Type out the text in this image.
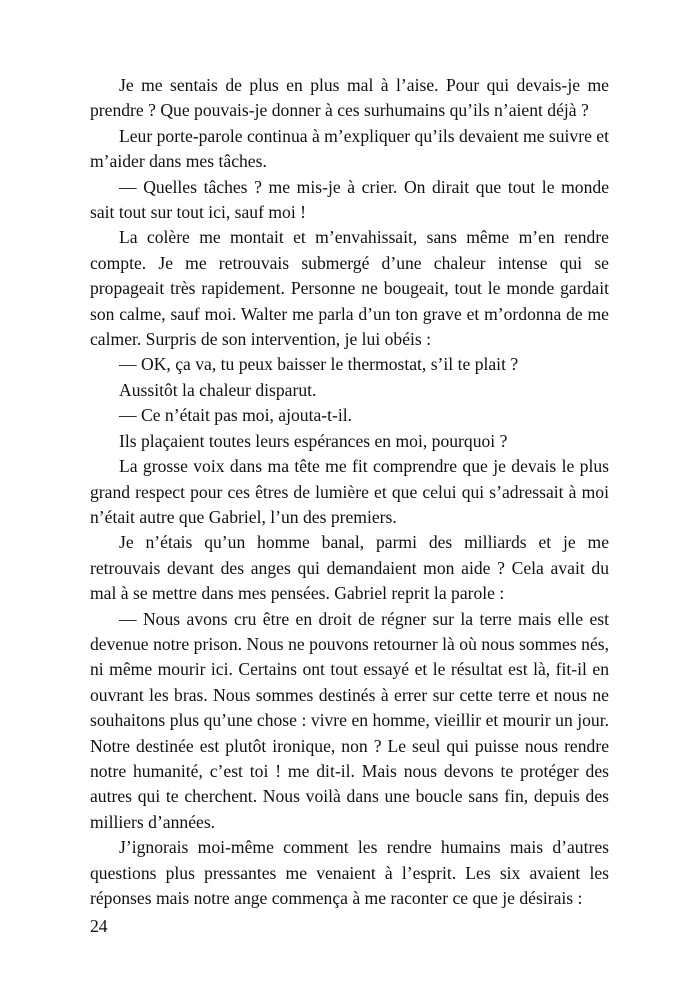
Je me sentais de plus en plus mal à l’aise. Pour qui devais-je me prendre ? Que pouvais-je donner à ces surhumains qu’ils n’aient déjà ?

Leur porte-parole continua à m’expliquer qu’ils devaient me suivre et m’aider dans mes tâches.

— Quelles tâches ? me mis-je à crier. On dirait que tout le monde sait tout sur tout ici, sauf moi !

La colère me montait et m’envahissait, sans même m’en rendre compte. Je me retrouvais submergé d’une chaleur intense qui se propageait très rapidement. Personne ne bougeait, tout le monde gardait son calme, sauf moi. Walter me parla d’un ton grave et m’ordonna de me calmer. Surpris de son intervention, je lui obéis :

— OK, ça va, tu peux baisser le thermostat, s’il te plait ?

Aussitôt la chaleur disparut.

— Ce n’était pas moi, ajouta-t-il.

Ils plaçaient toutes leurs espérances en moi, pourquoi ?

La grosse voix dans ma tête me fit comprendre que je devais le plus grand respect pour ces êtres de lumière et que celui qui s’adressait à moi n’était autre que Gabriel, l’un des premiers.

Je n’étais qu’un homme banal, parmi des milliards et je me retrouvais devant des anges qui demandaient mon aide ? Cela avait du mal à se mettre dans mes pensées. Gabriel reprit la parole :

— Nous avons cru être en droit de régner sur la terre mais elle est devenue notre prison. Nous ne pouvons retourner là où nous sommes nés, ni même mourir ici. Certains ont tout essayé et le résultat est là, fit-il en ouvrant les bras. Nous sommes destinés à errer sur cette terre et nous ne souhaitons plus qu’une chose : vivre en homme, vieillir et mourir un jour. Notre destinée est plutôt ironique, non ? Le seul qui puisse nous rendre notre humanité, c’est toi ! me dit-il. Mais nous devons te protéger des autres qui te cherchent. Nous voilà dans une boucle sans fin, depuis des milliers d’années.

J’ignorais moi-même comment les rendre humains mais d’autres questions plus pressantes me venaient à l’esprit. Les six avaient les réponses mais notre ange commença à me raconter ce que je désirais :

24
